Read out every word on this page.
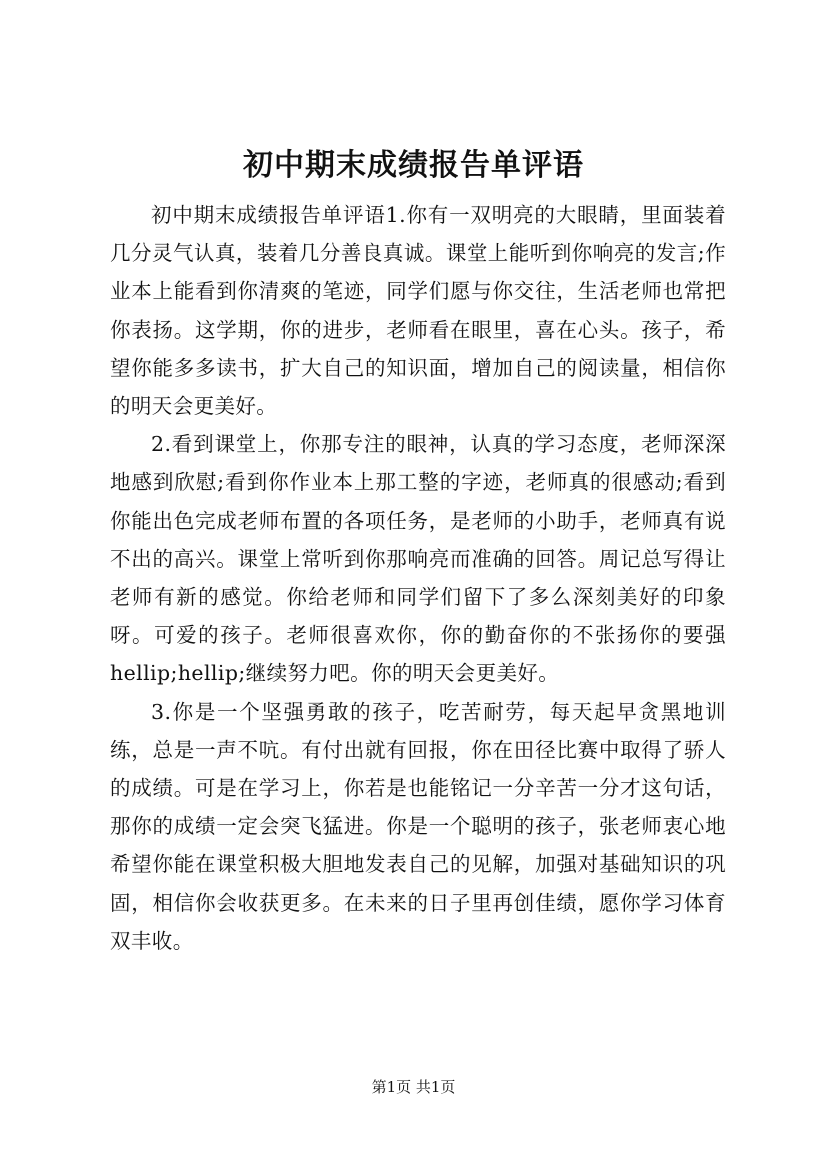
初中期末成绩报告单评语

初中期末成绩报告单评语1.你有一双明亮的大眼睛，里面装着几分灵气认真，装着几分善良真诚。课堂上能听到你响亮的发言;作业本上能看到你清爽的笔迹，同学们愿与你交往，生活老师也常把你表扬。这学期，你的进步，老师看在眼里，喜在心头。孩子，希望你能多多读书，扩大自己的知识面，增加自己的阅读量，相信你的明天会更美好。

2.看到课堂上，你那专注的眼神，认真的学习态度，老师深深地感到欣慰;看到你作业本上那工整的字迹，老师真的很感动;看到你能出色完成老师布置的各项任务，是老师的小助手，老师真有说不出的高兴。课堂上常听到你那响亮而准确的回答。周记总写得让老师有新的感觉。你给老师和同学们留下了多么深刻美好的印象呀。可爱的孩子。老师很喜欢你，你的勤奋你的不张扬你的要强hellip;hellip;继续努力吧。你的明天会更美好。

3.你是一个坚强勇敢的孩子，吃苦耐劳，每天起早贪黑地训练，总是一声不吭。有付出就有回报，你在田径比赛中取得了骄人的成绩。可是在学习上，你若是也能铭记一分辛苦一分才这句话，那你的成绩一定会突飞猛进。你是一个聪明的孩子，张老师衷心地希望你能在课堂积极大胆地发表自己的见解，加强对基础知识的巩固，相信你会收获更多。在未来的日子里再创佳绩，愿你学习体育双丰收。

第1页 共1页
